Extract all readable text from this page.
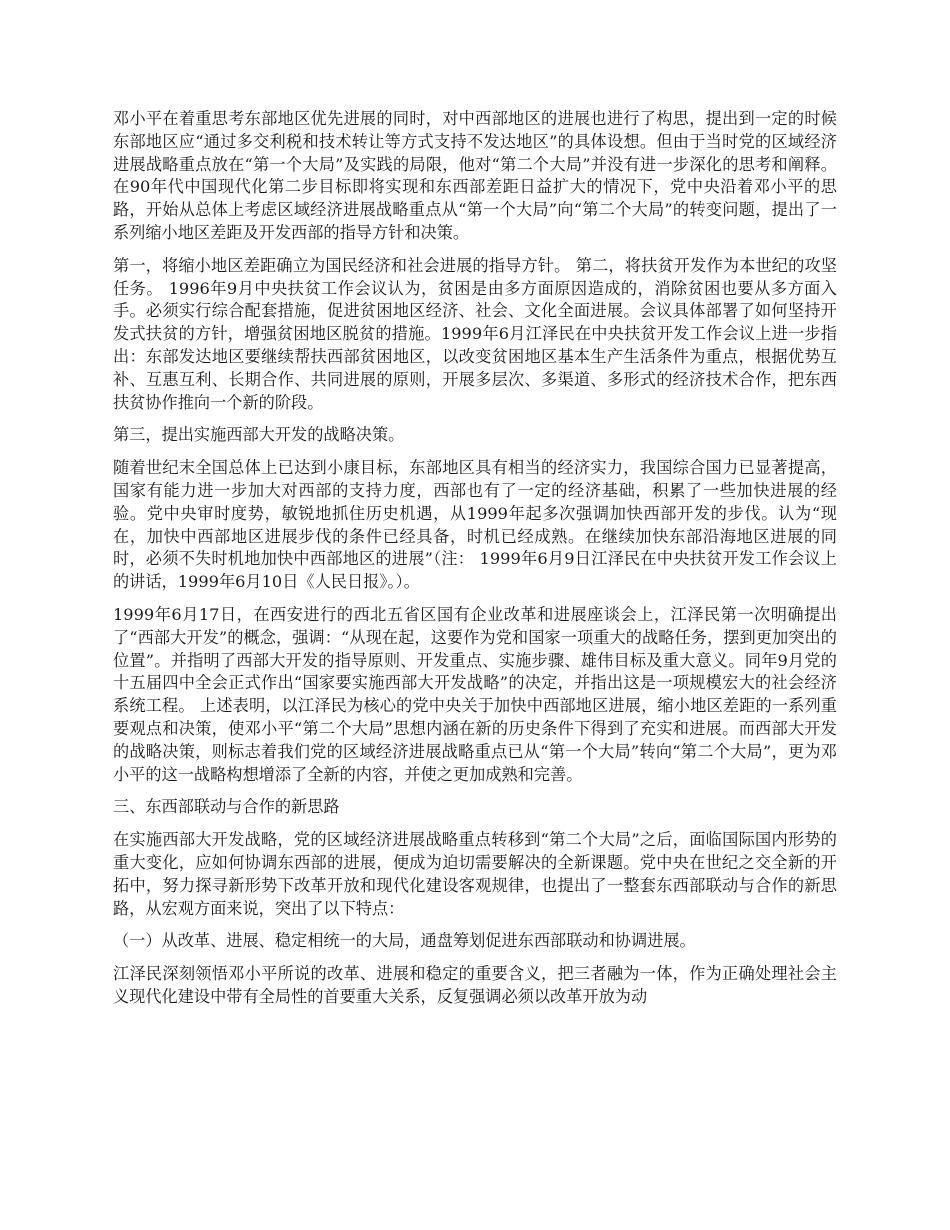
邓小平在着重思考东部地区优先进展的同时，对中西部地区的进展也进行了构思，提出到一定的时候东部地区应“通过多交利税和技术转让等方式支持不发达地区”的具体设想。但由于当时党的区域经济进展战略重点放在“第一个大局”及实践的局限，他对“第二个大局”并没有进一步深化的思考和阐释。在90年代中国现代化第二步目标即将实现和东西部差距日益扩大的情况下，党中央沿着邓小平的思路，开始从总体上考虑区域经济进展战略重点从“第一个大局”向“第二个大局”的转变问题，提出了一系列缩小地区差距及开发西部的指导方针和决策。

第一，将缩小地区差距确立为国民经济和社会进展的指导方针。 第二，将扶贫开发作为本世纪的攻坚任务。 1996年9月中央扶贫工作会议认为，贫困是由多方面原因造成的，消除贫困也要从多方面入手。必须实行综合配套措施，促进贫困地区经济、社会、文化全面进展。会议具体部署了如何坚持开发式扶贫的方针，增强贫困地区脱贫的措施。1999年6月江泽民在中央扶贫开发工作会议上进一步指出：东部发达地区要继续帮扶西部贫困地区，以改变贫困地区基本生产生活条件为重点，根据优势互补、互惠互利、长期合作、共同进展的原则，开展多层次、多渠道、多形式的经济技术合作，把东西扶贫协作推向一个新的阶段。

第三，提出实施西部大开发的战略决策。

随着世纪末全国总体上已达到小康目标，东部地区具有相当的经济实力，我国综合国力已显著提高，国家有能力进一步加大对西部的支持力度，西部也有了一定的经济基础，积累了一些加快进展的经验。党中央审时度势，敏锐地抓住历史机遇，从1999年起多次强调加快西部开发的步伐。认为“现在，加快中西部地区进展步伐的条件已经具备，时机已经成熟。在继续加快东部沿海地区进展的同时，必须不失时机地加快中西部地区的进展”（注： 1999年6月9日江泽民在中央扶贫开发工作会议上的讲话，1999年6月10日《人民日报》。）。

1999年6月17日，在西安进行的西北五省区国有企业改革和进展座谈会上，江泽民第一次明确提出了“西部大开发”的概念，强调：“从现在起，这要作为党和国家一项重大的战略任务，摆到更加突出的位置”。并指明了西部大开发的指导原则、开发重点、实施步骤、雄伟目标及重大意义。同年9月党的十五届四中全会正式作出“国家要实施西部大开发战略”的决定，并指出这是一项规模宏大的社会经济系统工程。 上述表明，以江泽民为核心的党中央关于加快中西部地区进展，缩小地区差距的一系列重要观点和决策，使邓小平“第二个大局”思想内涵在新的历史条件下得到了充实和进展。而西部大开发的战略决策，则标志着我们党的区域经济进展战略重点已从“第一个大局”转向“第二个大局”，更为邓小平的这一战略构想增添了全新的内容，并使之更加成熟和完善。

三、东西部联动与合作的新思路

在实施西部大开发战略，党的区域经济进展战略重点转移到“第二个大局”之后，面临国际国内形势的重大变化，应如何协调东西部的进展，便成为迫切需要解决的全新课题。党中央在世纪之交全新的开拓中，努力探寻新形势下改革开放和现代化建设客观规律，也提出了一整套东西部联动与合作的新思路，从宏观方面来说，突出了以下特点：

（一）从改革、进展、稳定相统一的大局，通盘筹划促进东西部联动和协调进展。

江泽民深刻领悟邓小平所说的改革、进展和稳定的重要含义，把三者融为一体，作为正确处理社会主义现代化建设中带有全局性的首要重大关系，反复强调必须以改革开放为动
